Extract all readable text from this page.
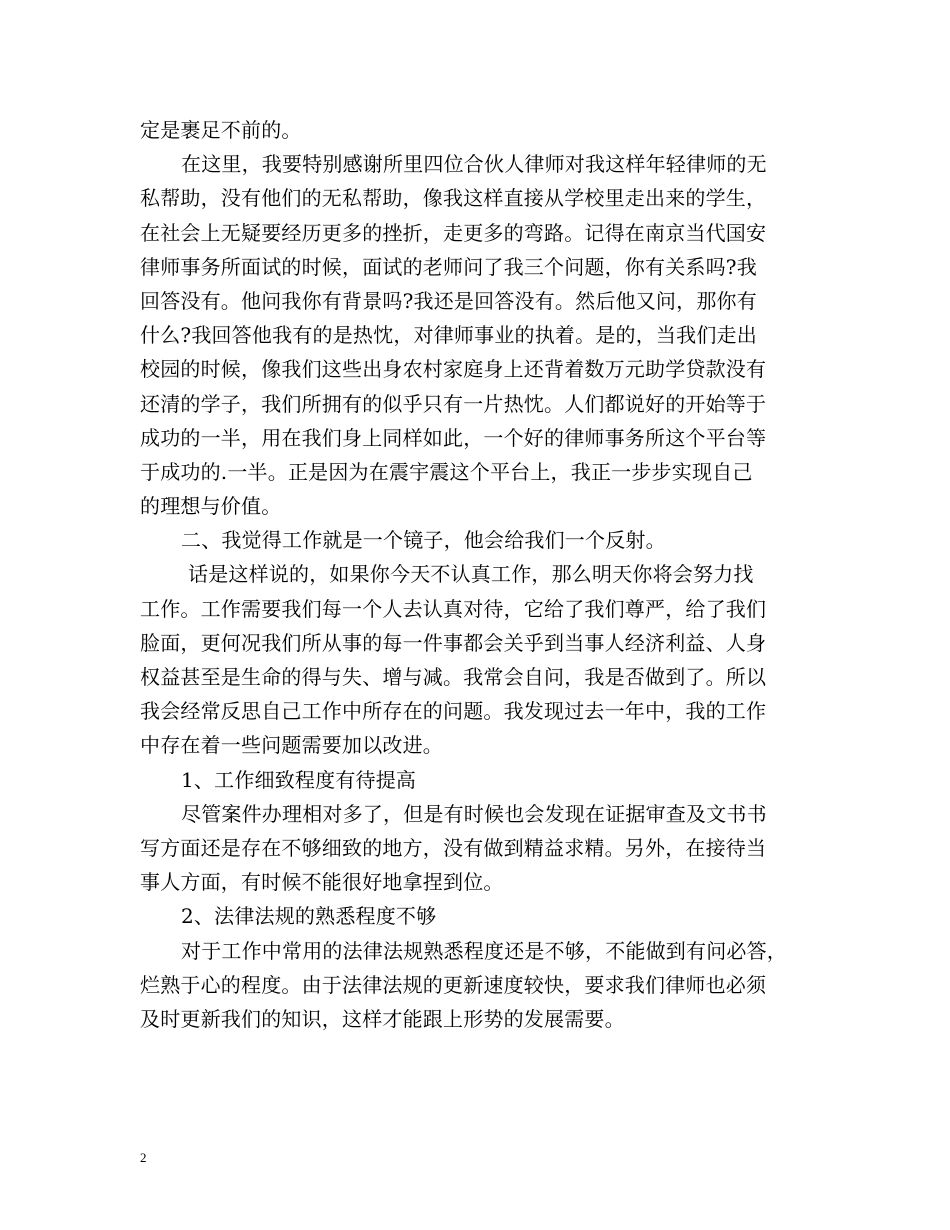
定是裹足不前的。
在这里，我要特别感谢所里四位合伙人律师对我这样年轻律师的无
私帮助，没有他们的无私帮助，像我这样直接从学校里走出来的学生，
在社会上无疑要经历更多的挫折，走更多的弯路。记得在南京当代国安
律师事务所面试的时候，面试的老师问了我三个问题，你有关系吗?我
回答没有。他问我你有背景吗?我还是回答没有。然后他又问，那你有
什么?我回答他我有的是热忱，对律师事业的执着。是的，当我们走出
校园的时候，像我们这些出身农村家庭身上还背着数万元助学贷款没有
还清的学子，我们所拥有的似乎只有一片热忱。人们都说好的开始等于
成功的一半，用在我们身上同样如此，一个好的律师事务所这个平台等
于成功的.一半。正是因为在震宇震这个平台上，我正一步步实现自己
的理想与价值。
二、我觉得工作就是一个镜子，他会给我们一个反射。
话是这样说的，如果你今天不认真工作，那么明天你将会努力找
工作。工作需要我们每一个人去认真对待，它给了我们尊严，给了我们
脸面，更何况我们所从事的每一件事都会关乎到当事人经济利益、人身
权益甚至是生命的得与失、增与减。我常会自问，我是否做到了。所以
我会经常反思自己工作中所存在的问题。我发现过去一年中，我的工作
中存在着一些问题需要加以改进。
1、工作细致程度有待提高
尽管案件办理相对多了，但是有时候也会发现在证据审查及文书书
写方面还是存在不够细致的地方，没有做到精益求精。另外，在接待当
事人方面，有时候不能很好地拿捏到位。
2、法律法规的熟悉程度不够
对于工作中常用的法律法规熟悉程度还是不够，不能做到有问必答，
烂熟于心的程度。由于法律法规的更新速度较快，要求我们律师也必须
及时更新我们的知识，这样才能跟上形势的发展需要。
2
